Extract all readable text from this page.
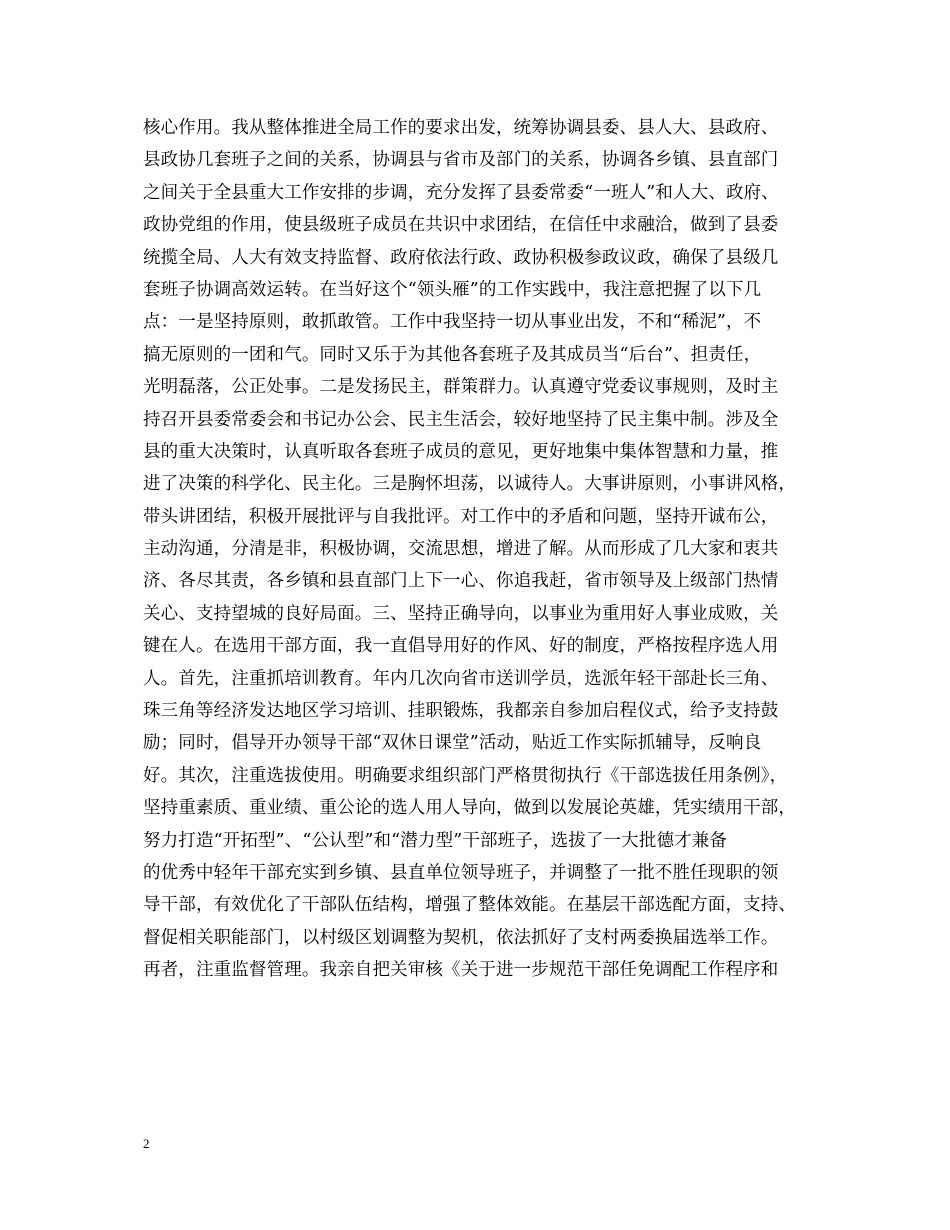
核心作用。我从整体推进全局工作的要求出发，统筹协调县委、县人大、县政府、
县政协几套班子之间的关系，协调县与省市及部门的关系，协调各乡镇、县直部门
之间关于全县重大工作安排的步调，充分发挥了县委常委“一班人”和人大、政府、
政协党组的作用，使县级班子成员在共识中求团结，在信任中求融洽，做到了县委
统揽全局、人大有效支持监督、政府依法行政、政协积极参政议政，确保了县级几
套班子协调高效运转。在当好这个“领头雁”的工作实践中，我注意把握了以下几
点：一是坚持原则，敢抓敢管。工作中我坚持一切从事业出发，不和“稀泥”，不
搞无原则的一团和气。同时又乐于为其他各套班子及其成员当“后台”、担责任，
光明磊落，公正处事。二是发扬民主，群策群力。认真遵守党委议事规则，及时主
持召开县委常委会和书记办公会、民主生活会，较好地坚持了民主集中制。涉及全
县的重大决策时，认真听取各套班子成员的意见，更好地集中集体智慧和力量，推
进了决策的科学化、民主化。三是胸怀坦荡，以诚待人。大事讲原则，小事讲风格，
带头讲团结，积极开展批评与自我批评。对工作中的矛盾和问题，坚持开诚布公，
主动沟通，分清是非，积极协调，交流思想，增进了解。从而形成了几大家和衷共
济、各尽其责，各乡镇和县直部门上下一心、你追我赶，省市领导及上级部门热情
关心、支持望城的良好局面。三、坚持正确导向，以事业为重用好人事业成败，关
键在人。在选用干部方面，我一直倡导用好的作风、好的制度，严格按程序选人用
人。首先，注重抓培训教育。年内几次向省市送训学员，选派年轻干部赴长三角、
珠三角等经济发达地区学习培训、挂职锻炼，我都亲自参加启程仪式，给予支持鼓
励；同时，倡导开办领导干部“双休日课堂”活动，贴近工作实际抓辅导，反响良
好。其次，注重选拔使用。明确要求组织部门严格贯彻执行《干部选拔任用条例》，
坚持重素质、重业绩、重公论的选人用人导向，做到以发展论英雄，凭实绩用干部，
努力打造“开拓型”、“公认型”和“潜力型”干部班子，选拔了一大批德才兼备
的优秀中轻年干部充实到乡镇、县直单位领导班子，并调整了一批不胜任现职的领
导干部，有效优化了干部队伍结构，增强了整体效能。在基层干部选配方面，支持、
督促相关职能部门，以村级区划调整为契机，依法抓好了支村两委换届选举工作。
再者，注重监督管理。我亲自把关审核《关于进一步规范干部任免调配工作程序和
2
